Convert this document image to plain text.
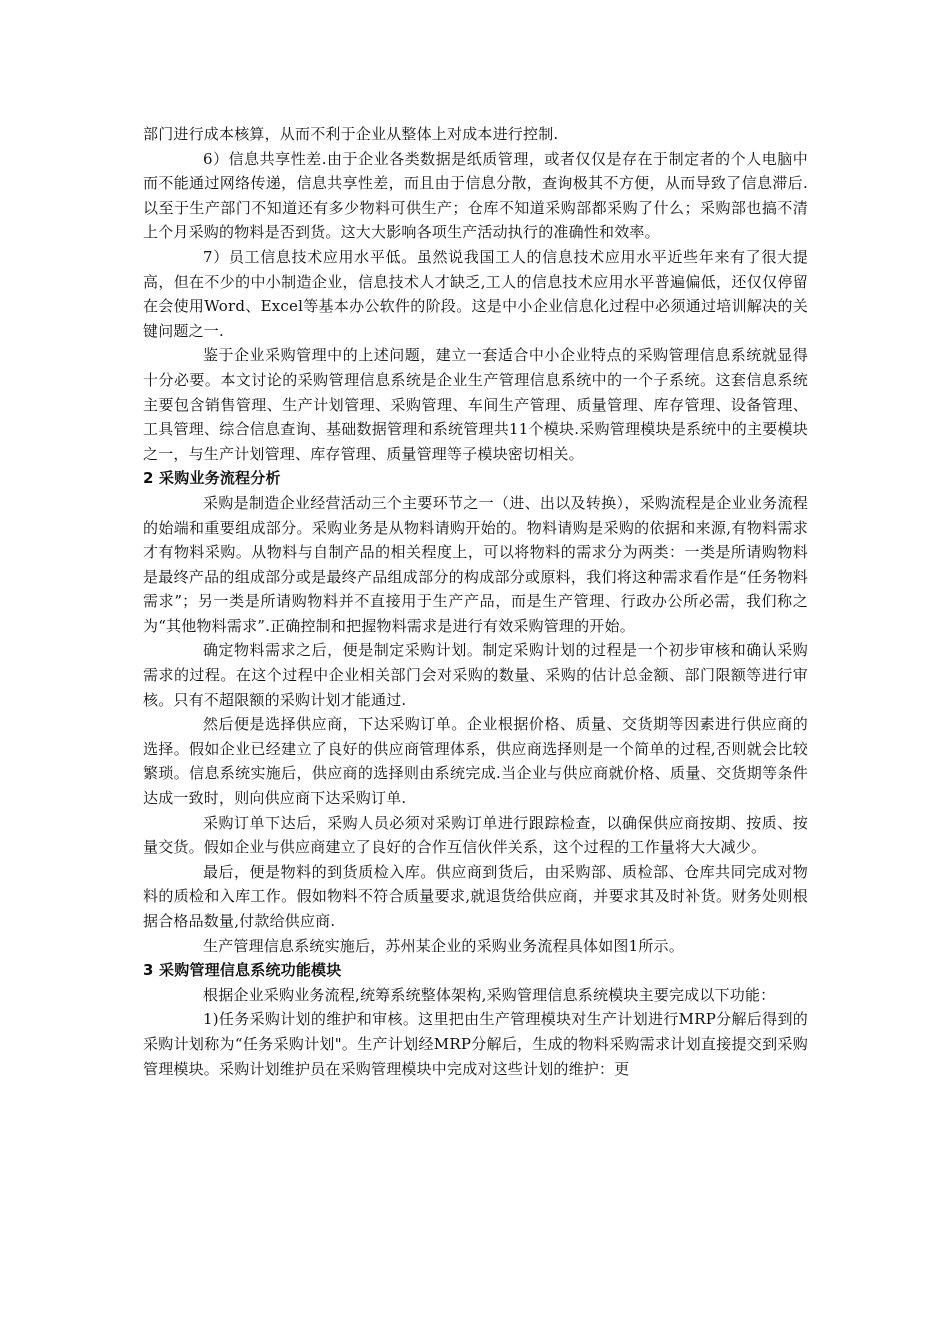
部门进行成本核算，从而不利于企业从整体上对成本进行控制.

6）信息共享性差.由于企业各类数据是纸质管理，或者仅仅是存在于制定者的个人电脑中而不能通过网络传递，信息共享性差，而且由于信息分散，查询极其不方便，从而导致了信息滞后.以至于生产部门不知道还有多少物料可供生产；仓库不知道采购部都采购了什么；采购部也搞不清上个月采购的物料是否到货。这大大影响各项生产活动执行的准确性和效率。

7）员工信息技术应用水平低。虽然说我国工人的信息技术应用水平近些年来有了很大提高，但在不少的中小制造企业，信息技术人才缺乏,工人的信息技术应用水平普遍偏低，还仅仅停留在会使用Word、Excel等基本办公软件的阶段。这是中小企业信息化过程中必须通过培训解决的关键问题之一.

鉴于企业采购管理中的上述问题，建立一套适合中小企业特点的采购管理信息系统就显得十分必要。本文讨论的采购管理信息系统是企业生产管理信息系统中的一个子系统。这套信息系统主要包含销售管理、生产计划管理、采购管理、车间生产管理、质量管理、库存管理、设备管理、工具管理、综合信息查询、基础数据管理和系统管理共11个模块.采购管理模块是系统中的主要模块之一，与生产计划管理、库存管理、质量管理等子模块密切相关。

2 采购业务流程分析

采购是制造企业经营活动三个主要环节之一（进、出以及转换），采购流程是企业业务流程的始端和重要组成部分。采购业务是从物料请购开始的。物料请购是采购的依据和来源,有物料需求才有物料采购。从物料与自制产品的相关程度上，可以将物料的需求分为两类：一类是所请购物料是最终产品的组成部分或是最终产品组成部分的构成部分或原料，我们将这种需求看作是“任务物料需求”；另一类是所请购物料并不直接用于生产产品，而是生产管理、行政办公所必需，我们称之为“其他物料需求”.正确控制和把握物料需求是进行有效采购管理的开始。

确定物料需求之后，便是制定采购计划。制定采购计划的过程是一个初步审核和确认采购需求的过程。在这个过程中企业相关部门会对采购的数量、采购的估计总金额、部门限额等进行审核。只有不超限额的采购计划才能通过.

然后便是选择供应商，下达采购订单。企业根据价格、质量、交货期等因素进行供应商的选择。假如企业已经建立了良好的供应商管理体系，供应商选择则是一个简单的过程,否则就会比较繁琐。信息系统实施后，供应商的选择则由系统完成.当企业与供应商就价格、质量、交货期等条件达成一致时，则向供应商下达采购订单.

采购订单下达后，采购人员必须对采购订单进行跟踪检查，以确保供应商按期、按质、按量交货。假如企业与供应商建立了良好的合作互信伙伴关系，这个过程的工作量将大大减少。

最后，便是物料的到货质检入库。供应商到货后，由采购部、质检部、仓库共同完成对物料的质检和入库工作。假如物料不符合质量要求,就退货给供应商，并要求其及时补货。财务处则根据合格品数量,付款给供应商.

生产管理信息系统实施后，苏州某企业的采购业务流程具体如图1所示。

3 采购管理信息系统功能模块

根据企业采购业务流程,统筹系统整体架构,采购管理信息系统模块主要完成以下功能：

1)任务采购计划的维护和审核。这里把由生产管理模块对生产计划进行MRP分解后得到的采购计划称为“任务采购计划"。生产计划经MRP分解后，生成的物料采购需求计划直接提交到采购管理模块。采购计划维护员在采购管理模块中完成对这些计划的维护：更
